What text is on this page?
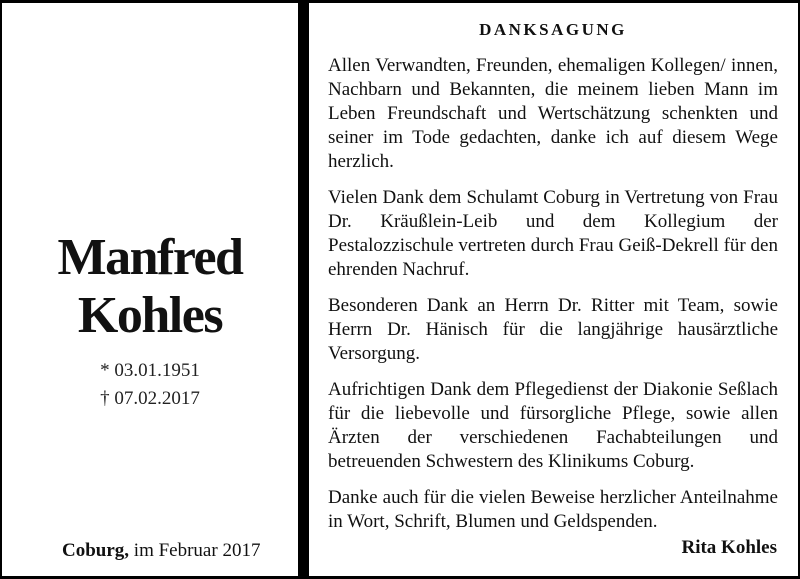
Manfred
Kohles
* 03.01.1951
† 07.02.2017
Coburg, im Februar 2017
DANKSAGUNG

Allen Verwandten, Freunden, ehemaligen Kollegen/ innen, Nachbarn und Bekannten, die meinem lieben Mann im Leben Freundschaft und Wertschätzung schenkten und seiner im Tode gedachten, danke ich auf diesem Wege herzlich.

Vielen Dank dem Schulamt Coburg in Vertretung von Frau Dr. Kräußlein-Leib und dem Kollegium der Pestalozzischule vertreten durch Frau Geiß-Dekrell für den ehrenden Nachruf.

Besonderen Dank an Herrn Dr. Ritter mit Team, sowie Herrn Dr. Hänisch für die langjährige hausärztliche Versorgung.

Aufrichtigen Dank dem Pflegedienst der Diakonie Seßlach für die liebevolle und fürsorgliche Pflege, sowie allen Ärzten der verschiedenen Fachabteilungen und betreuenden Schwestern des Klinikums Coburg.

Danke auch für die vielen Beweise herzlicher Anteilnahme in Wort, Schrift, Blumen und Geldspenden.

Rita Kohles
